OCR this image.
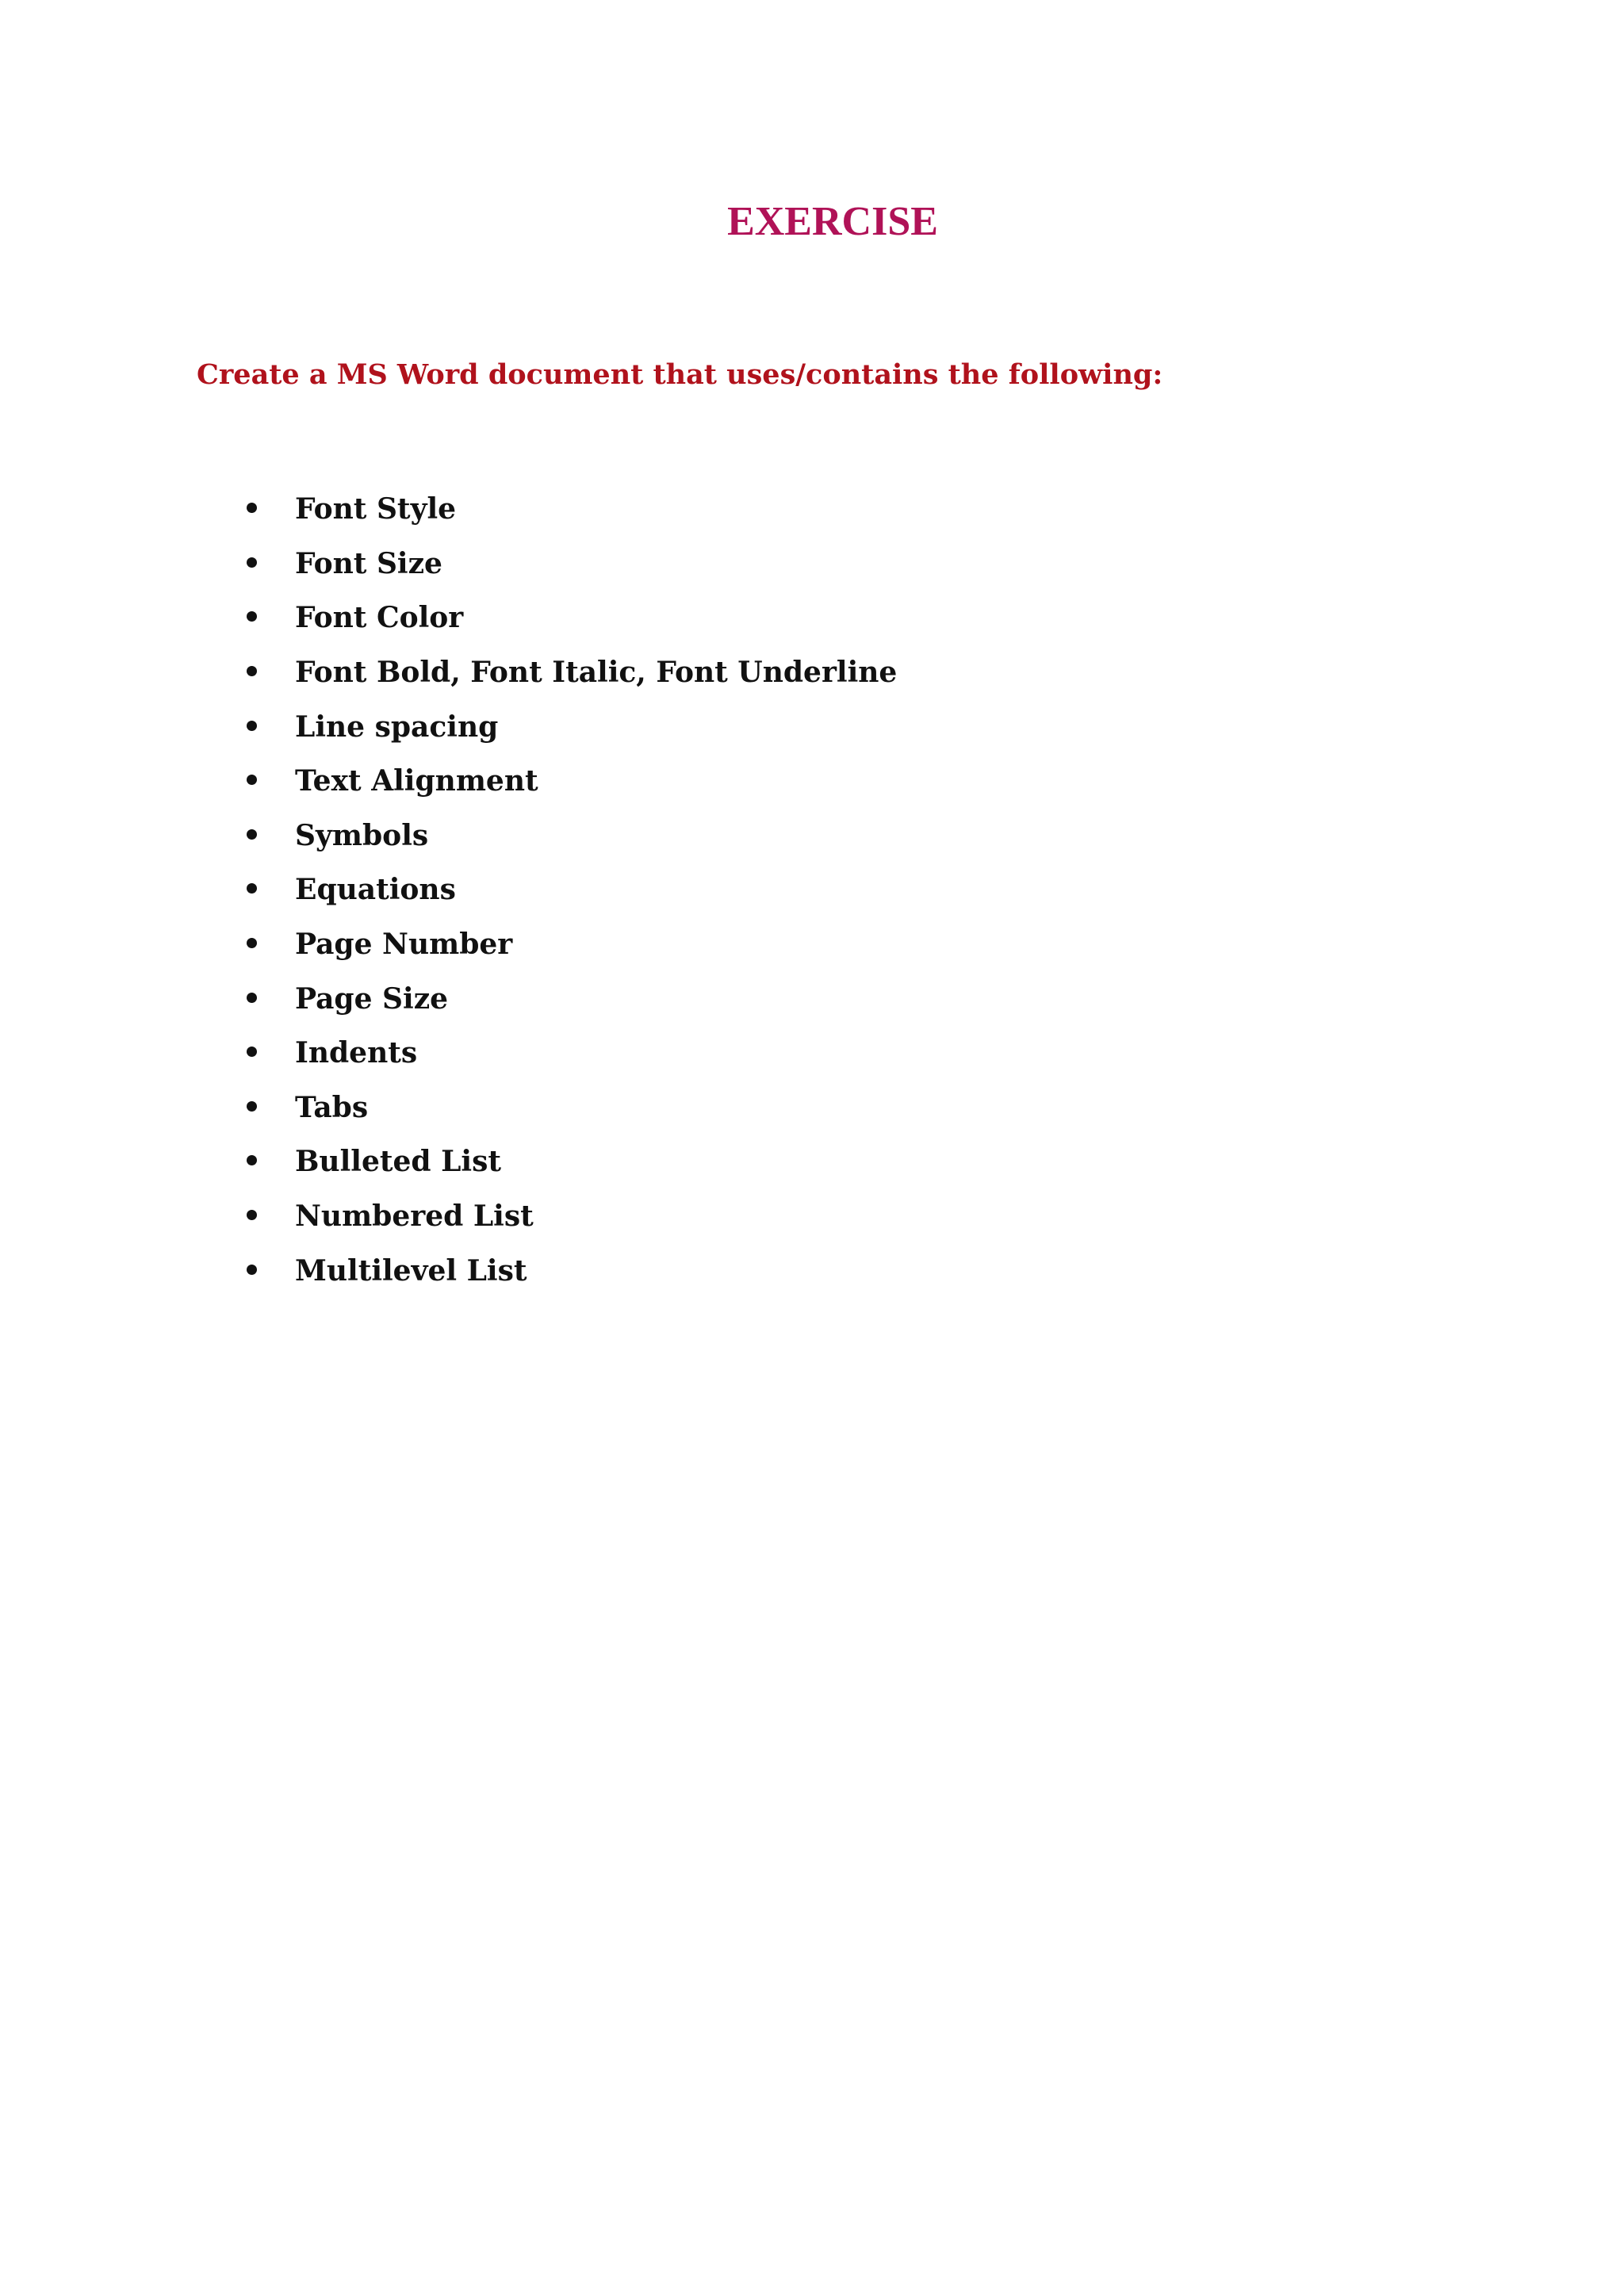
EXERCISE

Create a MS Word document that uses/contains the following:

Font Style
Font Size
Font Color
Font Bold, Font Italic, Font Underline
Line spacing
Text Alignment
Symbols
Equations
Page Number
Page Size
Indents
Tabs
Bulleted List
Numbered List
Multilevel List
